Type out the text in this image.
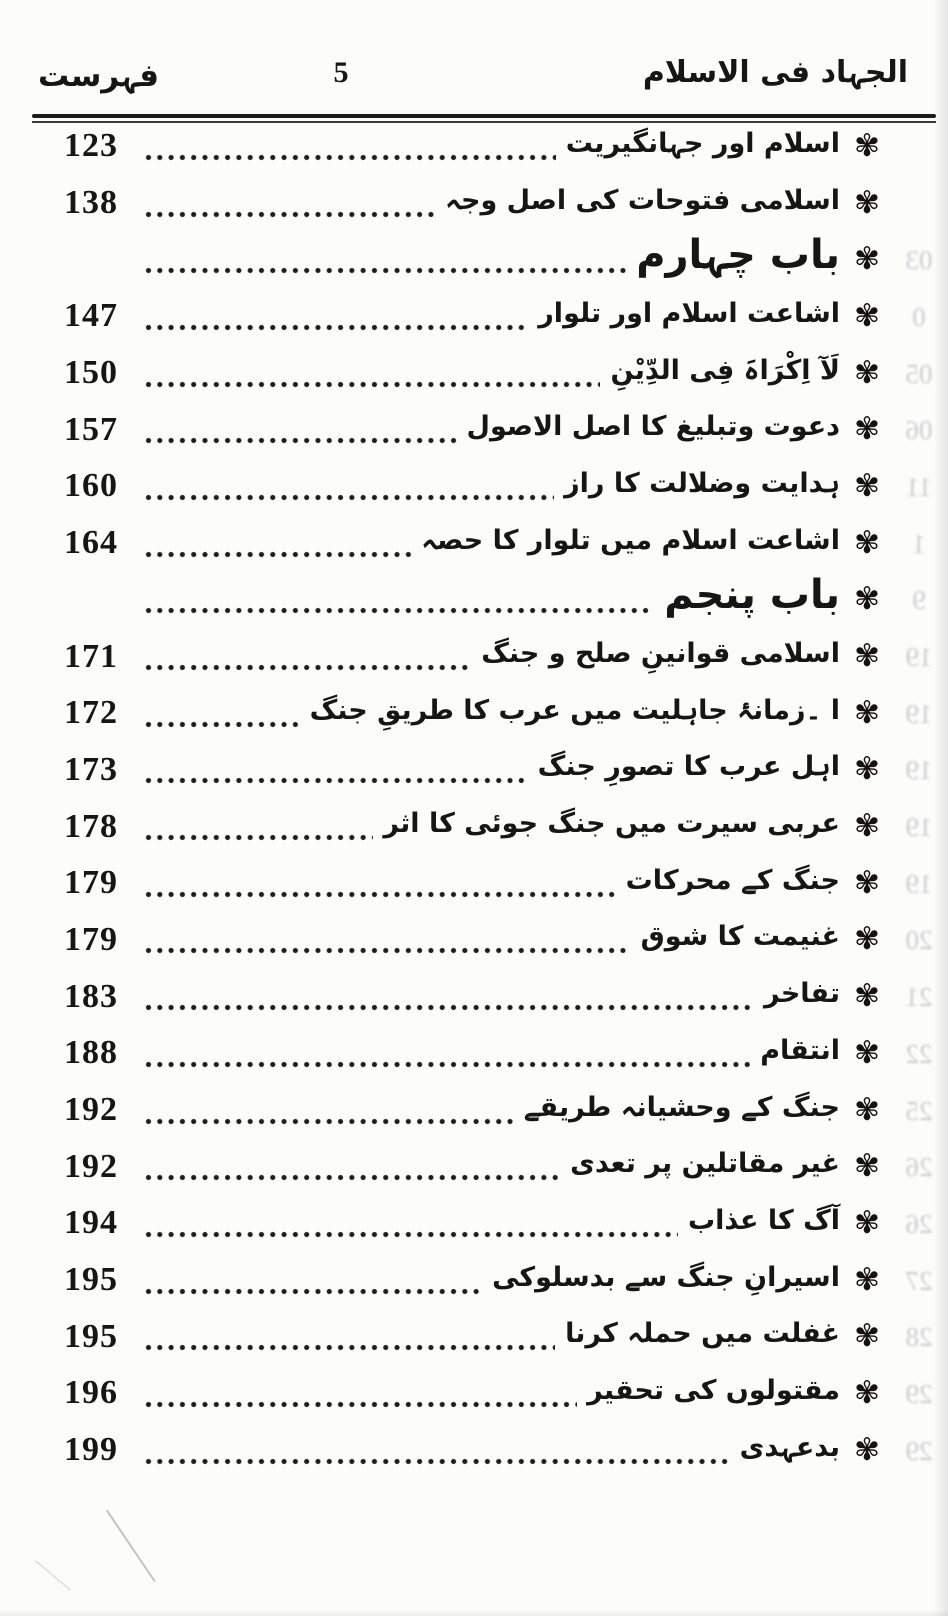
فہرست	5	الجہاد فی الاسلام
123	اسلام اور جہانگیریت ✾
138	اسلامی فتوحات کی اصل وجہ ✾
باب چہارم ✾ 03
147	اشاعت اسلام اور تلوار ✾	0
150	لَآ اِکْرَاہَ فِی الدِّیْنِ ✾ 05
157	دعوت وتبلیغ کا اصل الاصول ✾ 06
160	ہدایت وضلالت کا راز ✾ 11
164	اشاعت اسلام میں تلوار کا حصہ ✾	1
باب پنجم ✾	9
171	اسلامی قوانینِ صلح و جنگ ✾ 19
172	ا ۔زمانۂ جاہلیت میں عرب کا طریقِ جنگ ✾ 19
173	اہل عرب کا تصورِ جنگ ✾ 19
178	عربی سیرت میں جنگ جوئی کا اثر ✾ 19
179	جنگ کے محرکات ✾ 19
179	غنیمت کا شوق ✾ 20
183	تفاخر ✾ 21
188	انتقام ✾ 22
192	جنگ کے وحشیانہ طریقے ✾ 25
192	غیر مقاتلین پر تعدی ✾ 26
194	آگ کا عذاب ✾ 26
195	اسیرانِ جنگ سے بدسلوکی ✾ 27
195	غفلت میں حملہ کرنا ✾ 28
196	مقتولوں کی تحقیر ✾ 29
199	بدعہدی ✾ 29
